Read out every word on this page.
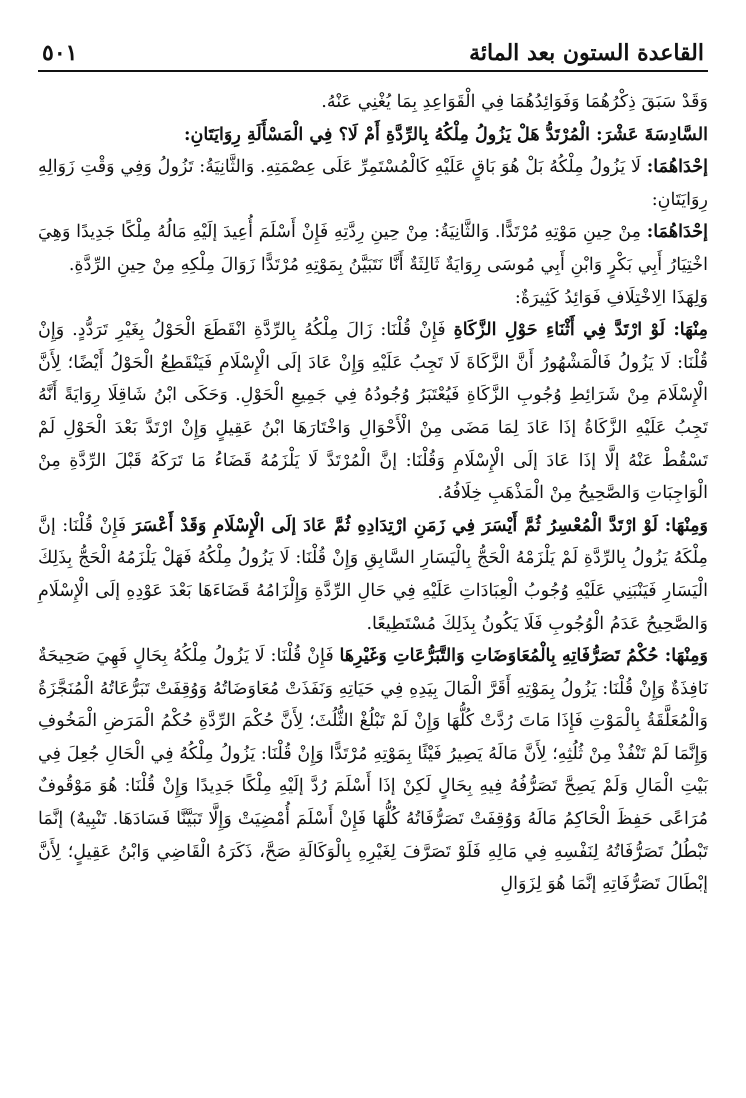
القاعدة الستون بعد المائة
٥٠١

وَقَدْ سَبَقَ ذِكْرُهُمَا وَفَوَائِدُهُمَا فِي الْقَوَاعِدِ بِمَا يُغْنِي عَنْهُ.

السَّادِسَةَ عَشْرَ: الْمُرْتَدُّ هَلْ يَزُولُ مِلْكُهُ بِالرِّدَّةِ أَمْ لَا؟ فِي الْمَسْأَلَةِ رِوَايَتَانِ:

إحْدَاهُمَا: لَا يَزُولُ مِلْكُهُ بَلْ هُوَ بَاقٍ عَلَيْهِ كَالْمُسْتَمِرِّ عَلَى عِصْمَتِهِ. وَالثَّانِيَةُ: تَزُولُ وَفِي وَقْتِ زَوَالِهِ رِوَايَتَانِ:

إحْدَاهُمَا: مِنْ حِينِ مَوْتِهِ مُرْتَدًّا. وَالثَّانِيَةُ: مِنْ حِينِ رِدَّتِهِ فَإِنْ أَسْلَمَ أُعِيدَ إلَيْهِ مَالُهُ مِلْكًا جَدِيدًا وَهِيَ اخْتِيَارُ أَبِي بَكْرٍ وَابْنِ أَبِي مُوسَى رِوَايَةٌ ثَالِثَةٌ أَنَّا نَتَبَيَّنُ بِمَوْتِهِ مُرْتَدًّا زَوَالَ مِلْكِهِ مِنْ حِينِ الرِّدَّةِ.

وَلِهَذَا الِاخْتِلَافِ فَوَائِدُ كَثِيرَةٌ:

مِنْهَا: لَوْ ارْتَدَّ فِي أَثْنَاءِ حَوْلِ الزَّكَاةِ فَإِنْ قُلْنَا: زَالَ مِلْكُهُ بِالرِّدَّةِ انْقَطَعَ الْحَوْلُ بِغَيْرِ تَرَدُّدٍ. وَإِنْ قُلْنَا: لَا يَزُولُ فَالْمَشْهُورُ أَنَّ الزَّكَاةَ لَا تَجِبُ عَلَيْهِ وَإِنْ عَادَ إلَى الْإِسْلَامِ فَيَنْقَطِعُ الْحَوْلُ أَيْضًا؛ لِأَنَّ الْإِسْلَامَ مِنْ شَرَائِطِ وُجُوبِ الزَّكَاةِ فَيُعْتَبَرُ وُجُودُهُ فِي جَمِيعِ الْحَوْلِ. وَحَكَى ابْنُ شَاقِلَا رِوَايَةً أَنَّهُ تَجِبُ عَلَيْهِ الزَّكَاةُ إذَا عَادَ لِمَا مَضَى مِنْ الْأَحْوَالِ وَاخْتَارَهَا ابْنُ عَقِيلٍ وَإِنْ ارْتَدَّ بَعْدَ الْحَوْلِ لَمْ تَسْقُطْ عَنْهُ إلَّا إذَا عَادَ إلَى الْإِسْلَامِ وَقُلْنَا: إنَّ الْمُرْتَدَّ لَا يَلْزَمُهُ قَضَاءُ مَا تَرَكَهُ قَبْلَ الرِّدَّةِ مِنْ الْوَاجِبَاتِ وَالصَّحِيحُ مِنْ الْمَذْهَبِ خِلَافُهُ.

وَمِنْهَا: لَوْ ارْتَدَّ الْمُعْسِرُ ثُمَّ أَيْسَرَ فِي زَمَنِ ارْتِدَادِهِ ثُمَّ عَادَ إلَى الْإِسْلَامِ وَقَدْ أَعْسَرَ فَإِنْ قُلْنَا: إنَّ مِلْكَهُ يَزُولُ بِالرِّدَّةِ لَمْ يَلْزَمْهُ الْحَجُّ بِالْيَسَارِ السَّابِقِ وَإِنْ قُلْنَا: لَا يَزُولُ مِلْكُهُ فَهَلْ يَلْزَمُهُ الْحَجُّ بِذَلِكَ الْيَسَارِ فَيَنْبَنِي عَلَيْهِ وُجُوبُ الْعِبَادَاتِ عَلَيْهِ فِي حَالِ الرِّدَّةِ وَإِلْزَامُهُ قَضَاءَهَا بَعْدَ عَوْدِهِ إلَى الْإِسْلَامِ وَالصَّحِيحُ عَدَمُ الْوُجُوبِ فَلَا يَكُونُ بِذَلِكَ مُسْتَطِيعًا.

وَمِنْهَا: حُكْمُ تَصَرُّفَاتِهِ بِالْمُعَاوَضَاتِ وَالتَّبَرُّعَاتِ وَغَيْرِهَا فَإِنْ قُلْنَا: لَا يَزُولُ مِلْكُهُ بِحَالٍ فَهِيَ صَحِيحَةٌ نَافِذَةٌ وَإِنْ قُلْنَا: يَزُولُ بِمَوْتِهِ أَقَرَّ الْمَالَ بِيَدِهِ فِي حَيَاتِهِ وَنَفَذَتْ مُعَاوَضَاتُهُ وَوُقِفَتْ تَبَرُّعَاتُهُ الْمُنَجَّزَةُ وَالْمُعَلَّقَةُ بِالْمَوْتِ فَإِذَا مَاتَ رُدَّتْ كُلُّهَا وَإِنْ لَمْ تَبْلُغْ الثُّلُثَ؛ لِأَنَّ حُكْمَ الرِّدَّةِ حُكْمُ الْمَرَضِ الْمَخُوفِ وَإِنَّمَا لَمْ تَنْفُذْ مِنْ ثُلُثِهِ؛ لِأَنَّ مَالَهُ يَصِيرُ فَيْئًا بِمَوْتِهِ مُرْتَدًّا وَإِنْ قُلْنَا: يَزُولُ مِلْكُهُ فِي الْحَالِ جُعِلَ فِي بَيْتِ الْمَالِ وَلَمْ يَصِحَّ تَصَرُّفُهُ فِيهِ بِحَالٍ لَكِنْ إذَا أَسْلَمَ رُدَّ إلَيْهِ مِلْكًا جَدِيدًا وَإِنْ قُلْنَا: هُوَ مَوْقُوفٌ مُرَاعًى حَفِظَ الْحَاكِمُ مَالَهُ وَوُقِفَتْ تَصَرُّفَاتُهُ كُلُّهَا فَإِنْ أَسْلَمَ أُمْضِيَتْ وَإِلَّا تَبَيَّنَّا فَسَادَهَا. تَنْبِيهٌ) إنَّمَا تَبْطُلُ تَصَرُّفَاتُهُ لِنَفْسِهِ فِي مَالِهِ فَلَوْ تَصَرَّفَ لِغَيْرِهِ بِالْوَكَالَةِ صَحَّ، ذَكَرَهُ الْقَاضِي وَابْنُ عَقِيلٍ؛ لِأَنَّ إبْطَالَ تَصَرُّفَاتِهِ إنَّمَا هُوَ لِزَوَالِ
